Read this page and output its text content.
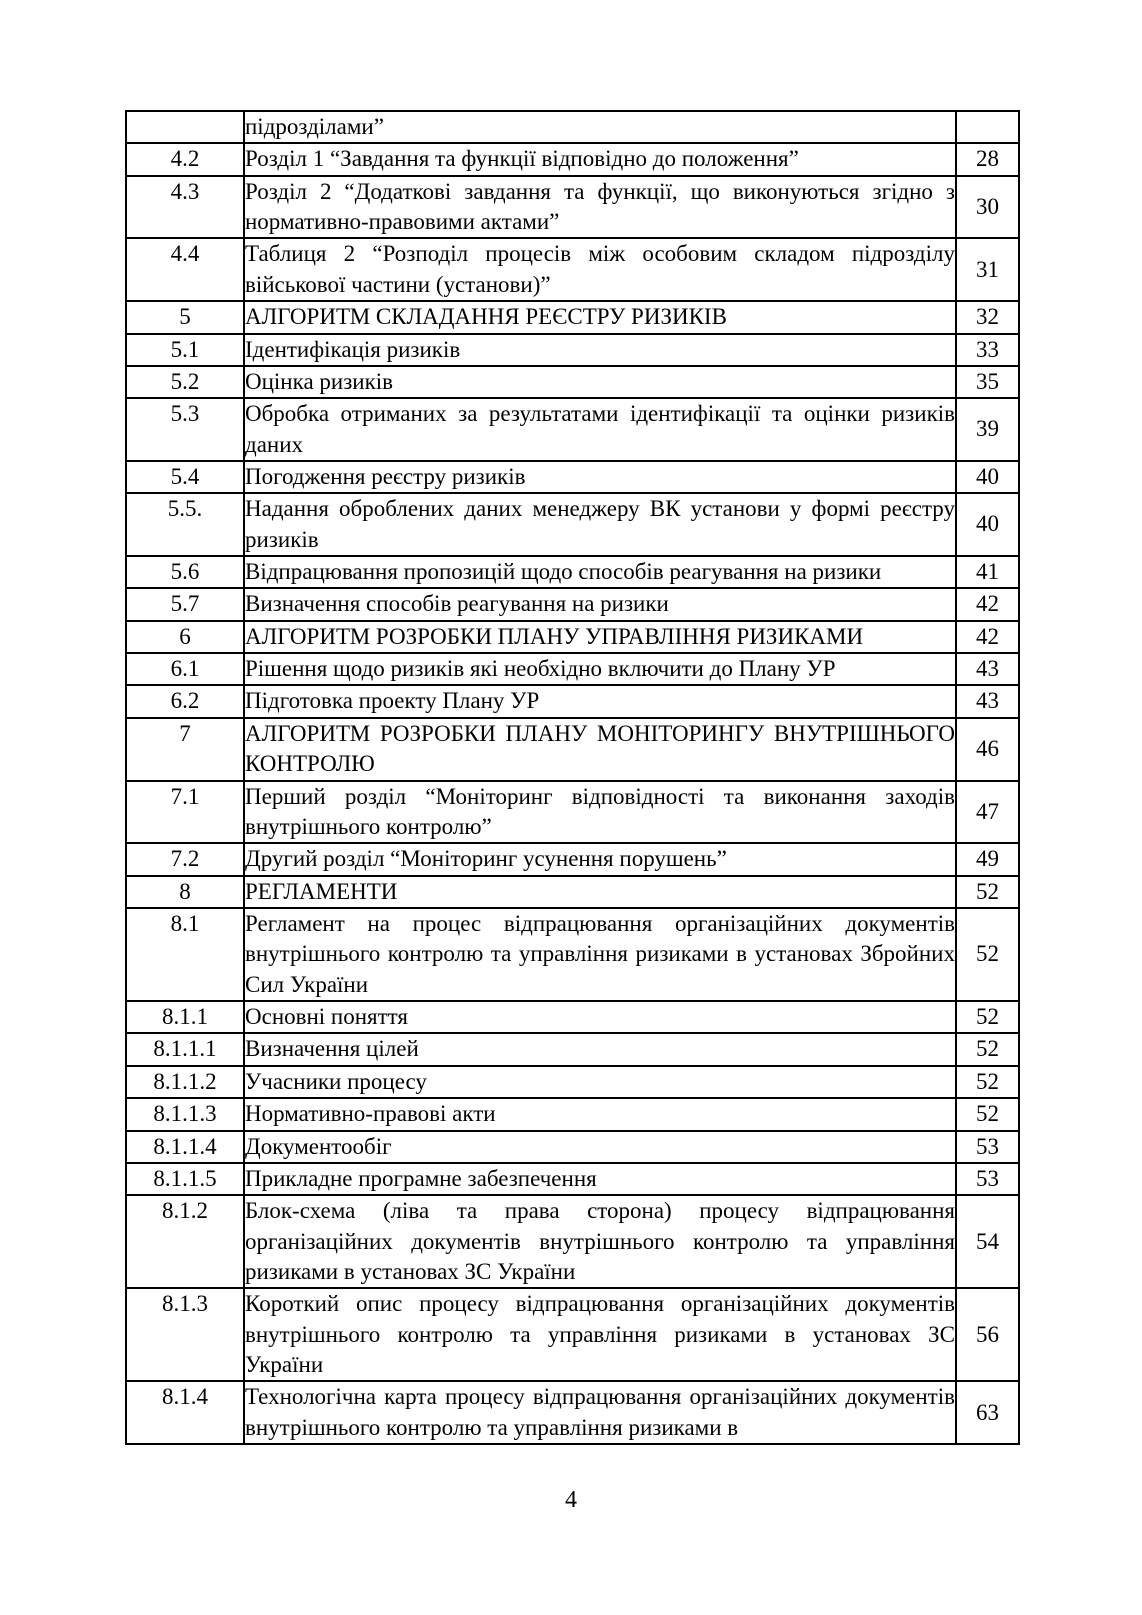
	підрозділами”	
4.2	Розділ 1 “Завдання та функції відповідно до положення”	28
4.3	Розділ 2 “Додаткові завдання та функції, що виконуються згідно з нормативно-правовими актами”	30
4.4	Таблиця 2 “Розподіл процесів між особовим складом підрозділу військової частини (установи)”	31
5	АЛГОРИТМ СКЛАДАННЯ РЕЄСТРУ РИЗИКІВ	32
5.1	Ідентифікація ризиків	33
5.2	Оцінка ризиків	35
5.3	Обробка отриманих за результатами ідентифікації та оцінки ризиків даних	39
5.4	Погодження реєстру ризиків	40
5.5.	Надання оброблених даних менеджеру ВК установи у формі реєстру ризиків	40
5.6	Відпрацювання пропозицій щодо способів реагування на ризики	41
5.7	Визначення способів реагування на ризики	42
6	АЛГОРИТМ РОЗРОБКИ ПЛАНУ УПРАВЛІННЯ РИЗИКАМИ	42
6.1	Рішення щодо ризиків які необхідно включити до Плану УР	43
6.2	Підготовка проекту Плану УР	43
7	АЛГОРИТМ РОЗРОБКИ ПЛАНУ МОНІТОРИНГУ ВНУТРІШНЬОГО КОНТРОЛЮ	46
7.1	Перший розділ “Моніторинг відповідності та виконання заходів внутрішнього контролю”	47
7.2	Другий розділ “Моніторинг усунення порушень”	49
8	РЕГЛАМЕНТИ	52
8.1	Регламент на процес відпрацювання організаційних документів внутрішнього контролю та управління ризиками в установах Збройних Сил України	52
8.1.1	Основні поняття	52
8.1.1.1	Визначення цілей	52
8.1.1.2	Учасники процесу	52
8.1.1.3	Нормативно-правові акти	52
8.1.1.4	Документообіг	53
8.1.1.5	Прикладне програмне забезпечення	53
8.1.2	Блок-схема (ліва та права сторона) процесу відпрацювання організаційних документів внутрішнього контролю та управління ризиками в установах ЗС України	54
8.1.3	Короткий опис процесу відпрацювання організаційних документів внутрішнього контролю та управління ризиками в установах ЗС України	56
8.1.4	Технологічна карта процесу відпрацювання організаційних документів внутрішнього контролю та управління ризиками в	63
4
